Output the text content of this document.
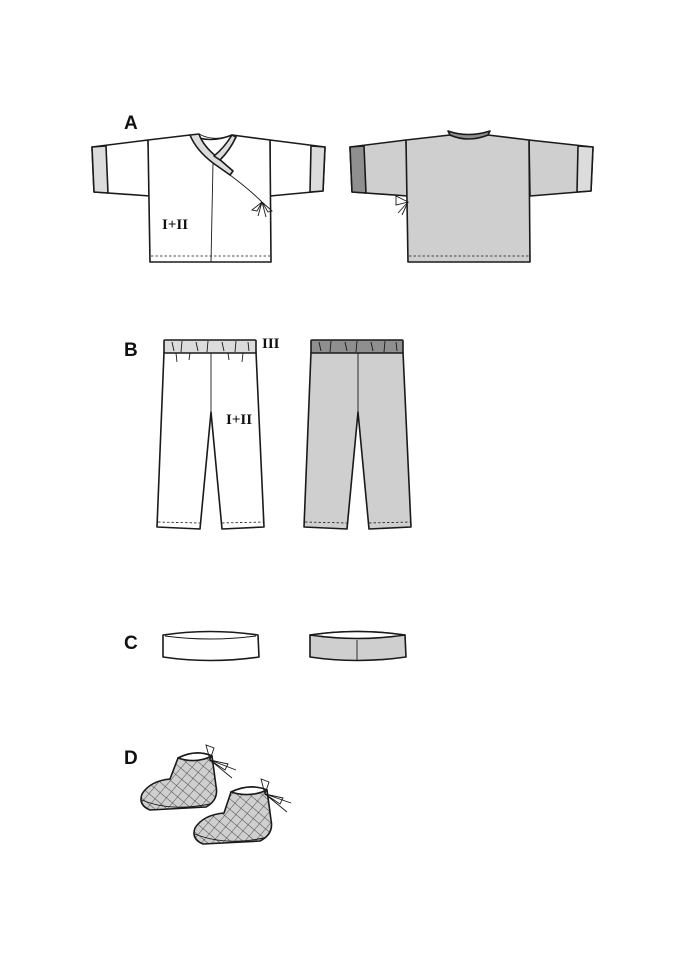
A
I+II
B	III
I+II
C
D
